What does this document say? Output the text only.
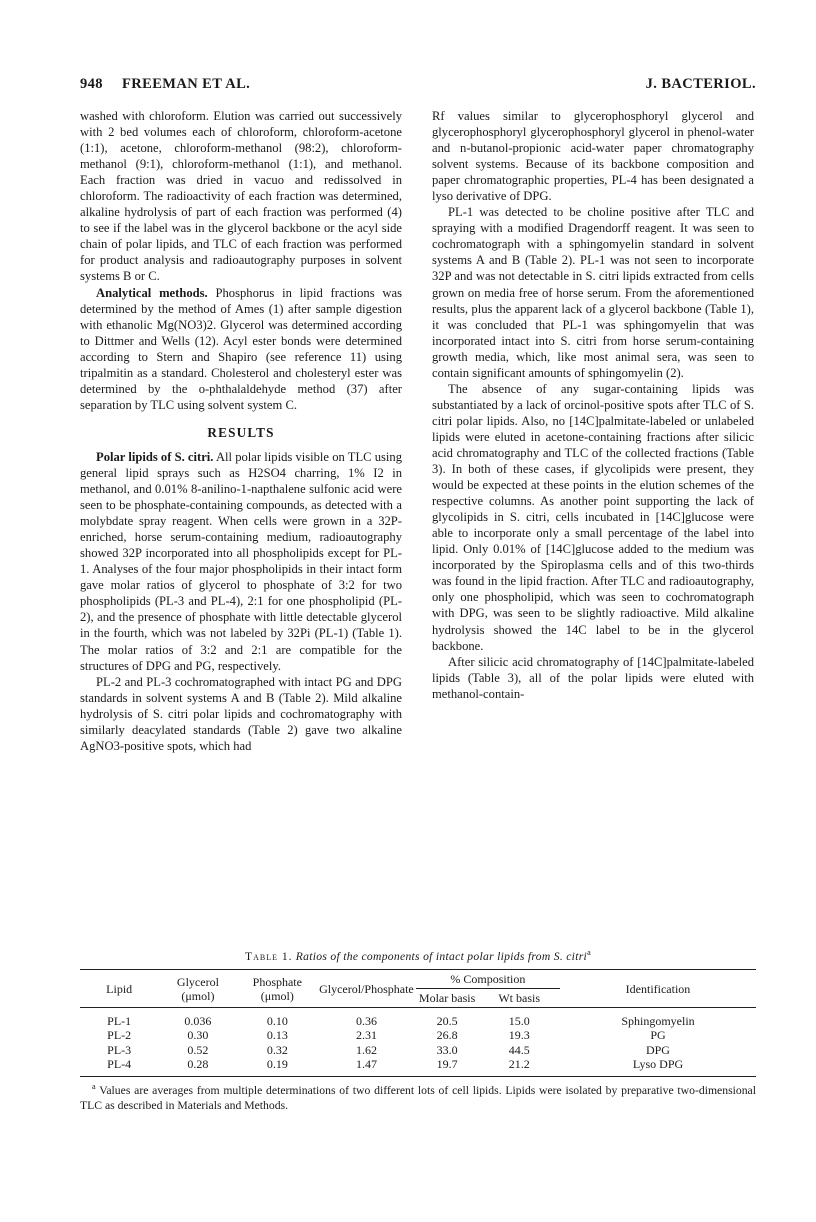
948 FREEMAN ET AL.	J. BACTERIOL.

washed with chloroform. Elution was carried out successively with 2 bed volumes each of chloroform, chloroform-acetone (1:1), acetone, chloroform-methanol (98:2), chloroform-methanol (9:1), chloroform-methanol (1:1), and methanol. Each fraction was dried in vacuo and redissolved in chloroform. The radioactivity of each fraction was determined, alkaline hydrolysis of part of each fraction was performed (4) to see if the label was in the glycerol backbone or the acyl side chain of polar lipids, and TLC of each fraction was performed for product analysis and radioautography purposes in solvent systems B or C.

Analytical methods. Phosphorus in lipid fractions was determined by the method of Ames (1) after sample digestion with ethanolic Mg(NO3)2. Glycerol was determined according to Dittmer and Wells (12). Acyl ester bonds were determined according to Stern and Shapiro (see reference 11) using tripalmitin as a standard. Cholesterol and cholesteryl ester was determined by the o-phthalaldehyde method (37) after separation by TLC using solvent system C.

RESULTS

Polar lipids of S. citri. All polar lipids visible on TLC using general lipid sprays such as H2SO4 charring, 1% I2 in methanol, and 0.01% 8-anilino-1-napthalene sulfonic acid were seen to be phosphate-containing compounds, as detected with a molybdate spray reagent. When cells were grown in a 32P-enriched, horse serum-containing medium, radioautography showed 32P incorporated into all phospholipids except for PL-1. Analyses of the four major phospholipids in their intact form gave molar ratios of glycerol to phosphate of 3:2 for two phospholipids (PL-3 and PL-4), 2:1 for one phospholipid (PL-2), and the presence of phosphate with little detectable glycerol in the fourth, which was not labeled by 32Pi (PL-1) (Table 1). The molar ratios of 3:2 and 2:1 are compatible for the structures of DPG and PG, respectively.

PL-2 and PL-3 cochromatographed with intact PG and DPG standards in solvent systems A and B (Table 2). Mild alkaline hydrolysis of S. citri polar lipids and cochromatography with similarly deacylated standards (Table 2) gave two alkaline AgNO3-positive spots, which had

Rf values similar to glycerophosphoryl glycerol and glycerophosphoryl glycerophosphoryl glycerol in phenol-water and n-butanol-propionic acid-water paper chromatography solvent systems. Because of its backbone composition and paper chromatographic properties, PL-4 has been designated a lyso derivative of DPG.

PL-1 was detected to be choline positive after TLC and spraying with a modified Dragendorff reagent. It was seen to cochromatograph with a sphingomyelin standard in solvent systems A and B (Table 2). PL-1 was not seen to incorporate 32P and was not detectable in S. citri lipids extracted from cells grown on media free of horse serum. From the aforementioned results, plus the apparent lack of a glycerol backbone (Table 1), it was concluded that PL-1 was sphingomyelin that was incorporated intact into S. citri from horse serum-containing growth media, which, like most animal sera, was seen to contain significant amounts of sphingomyelin (2).

The absence of any sugar-containing lipids was substantiated by a lack of orcinol-positive spots after TLC of S. citri polar lipids. Also, no [14C]palmitate-labeled or unlabeled lipids were eluted in acetone-containing fractions after silicic acid chromatography and TLC of the collected fractions (Table 3). In both of these cases, if glycolipids were present, they would be expected at these points in the elution schemes of the respective columns. As another point supporting the lack of glycolipids in S. citri, cells incubated in [14C]glucose were able to incorporate only a small percentage of the label into lipid. Only 0.01% of [14C]glucose added to the medium was incorporated by the Spiroplasma cells and of this two-thirds was found in the lipid fraction. After TLC and radioautography, only one phospholipid, which was seen to cochromatograph with DPG, was seen to be slightly radioactive. Mild alkaline hydrolysis showed the 14C label to be in the glycerol backbone.

After silicic acid chromatography of [14C]palmitate-labeled lipids (Table 3), all of the polar lipids were eluted with methanol-contain-

Table 1. Ratios of the components of intact polar lipids from S. citri$^a$
Lipid	Glycerol (μmol)	Phosphate (μmol)	Glycerol/Phosphate	% Composition		Identification
				Molar basis	Wt basis	
PL-1	0.036	0.10	0.36	20.5	15.0	Sphingomyelin
PL-2	0.30	0.13	2.31	26.8	19.3	PG
PL-3	0.52	0.32	1.62	33.0	44.5	DPG
PL-4	0.28	0.19	1.47	19.7	21.2	Lyso DPG
$^a$ Values are averages from multiple determinations of two different lots of cell lipids. Lipids were isolated by preparative two-dimensional TLC as described in Materials and Methods.
